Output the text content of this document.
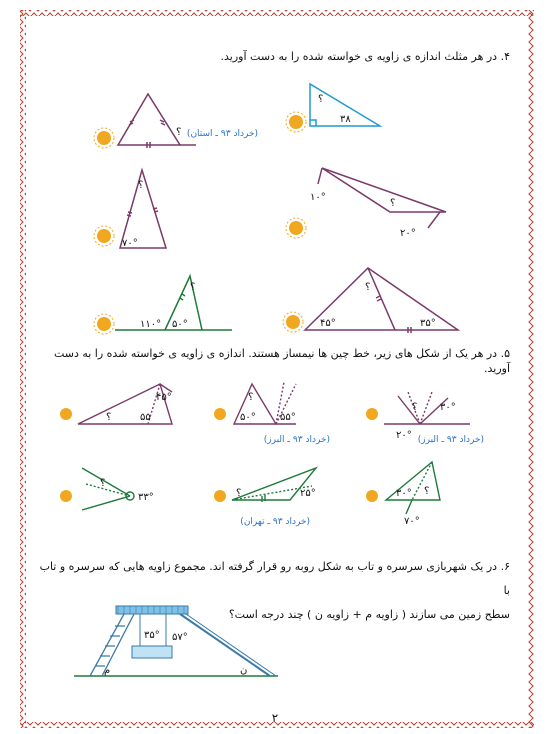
۴. در هر مثلث اندازه ی زاویه ی خواسته شده را به دست آورید.
؟ (خرداد ۹۳ ـ استان)
؟
۳۸
؟
۷۰°
؟
۱۰°
۲۰°
؟
۱۱۰° ۵۰°
؟
۴۵°	۳۵°
۵. در هر یک از شکل های زیر، خط چین ها نیمساز هستند. اندازه ی زاویه ی خواسته شده را به دست آورید.
؟
۴۵°
۵۵
؟
۵۰° ۵۵°
(خرداد ۹۳ ـ البرز)
؟ ۳۰°
۲۰° (خرداد ۹۳ ـ البرز)
؟
۳۳°	؟	۲۵°
(خرداد ۹۳ ـ تهران)
۳۰° ؟
۷۰°
۶. در یک شهربازی سرسره و تاب به شکل روبه رو قرار گرفته اند. مجموع زاویه هایی که سرسره و تاب با
سطح زمین می سازند ( زاویه م + زاویه ن ) چند درجه است؟
۳۵° ۵۷°
م	ن
۲
